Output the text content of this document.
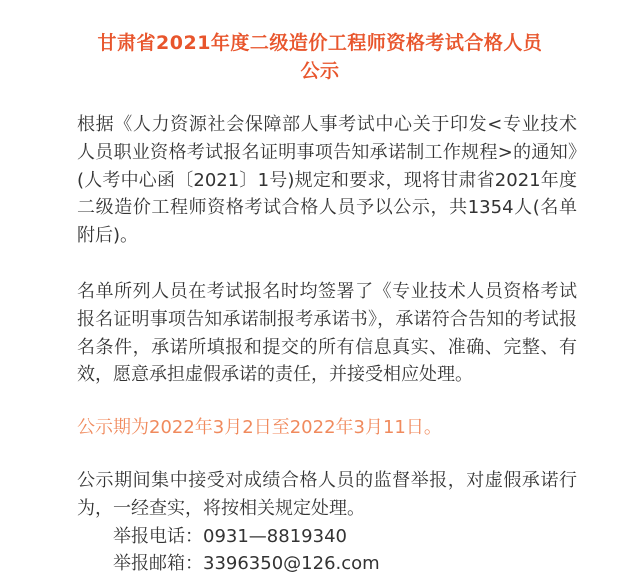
甘肃省2021年度二级造价工程师资格考试合格人员
公示

根据《人力资源社会保障部人事考试中心关于印发<专业技术人员职业资格考试报名证明事项告知承诺制工作规程>的通知》(人考中心函〔2021〕1号)规定和要求，现将甘肃省2021年度二级造价工程师资格考试合格人员予以公示，共1354人(名单附后)。

名单所列人员在考试报名时均签署了《专业技术人员资格考试报名证明事项告知承诺制报考承诺书》，承诺符合告知的考试报名条件，承诺所填报和提交的所有信息真实、准确、完整、有效，愿意承担虚假承诺的责任，并接受相应处理。

公示期为2022年3月2日至2022年3月11日。

公示期间集中接受对成绩合格人员的监督举报，对虚假承诺行为，一经查实，将按相关规定处理。

举报电话：0931—8819340
举报邮箱：3396350@126.com
